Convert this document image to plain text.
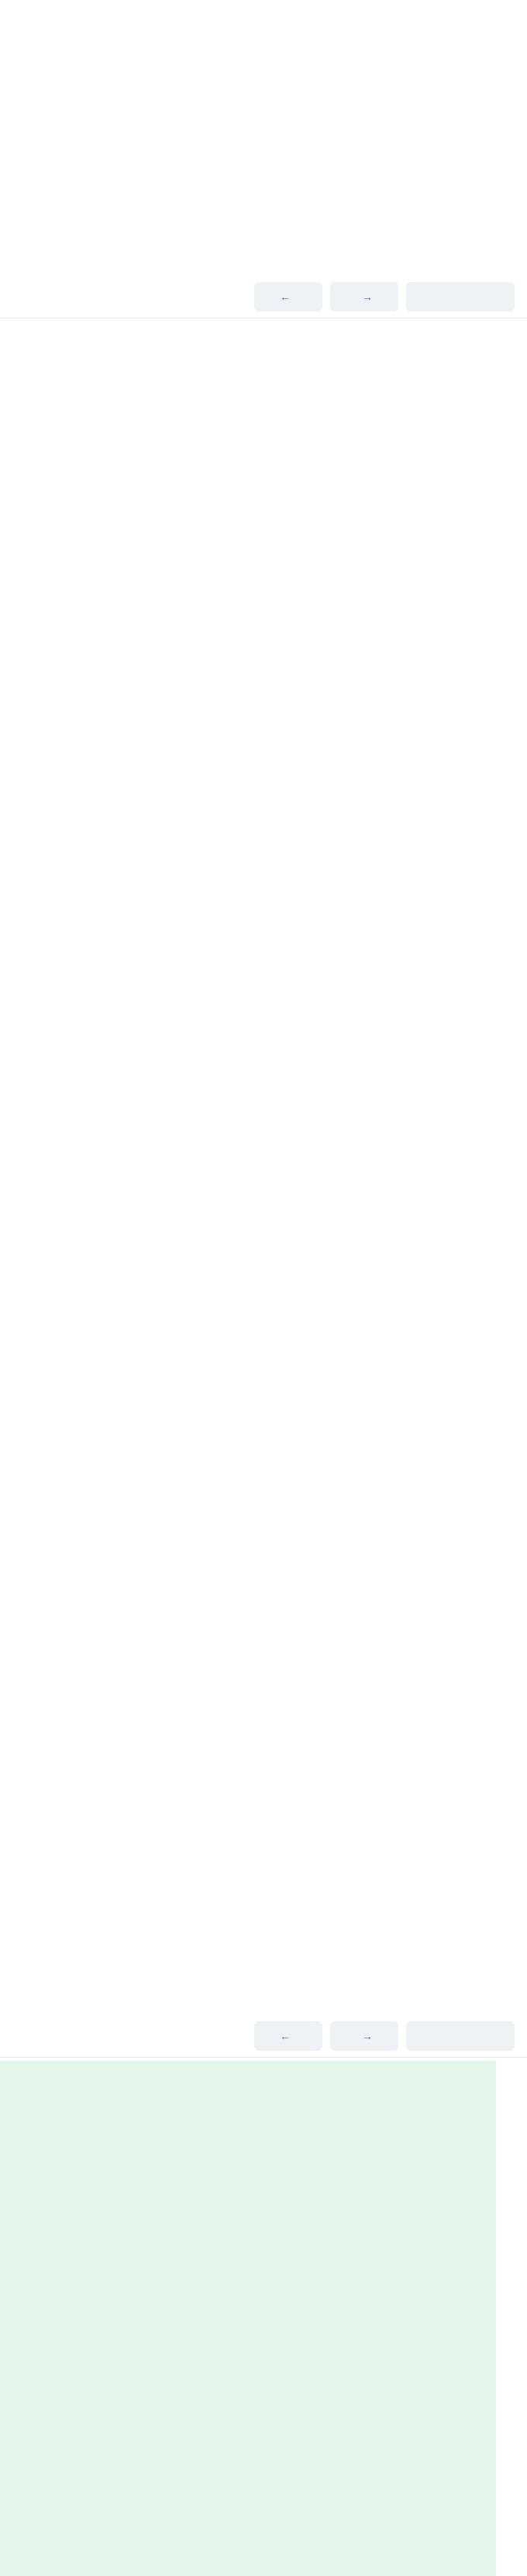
←	→

←	→
